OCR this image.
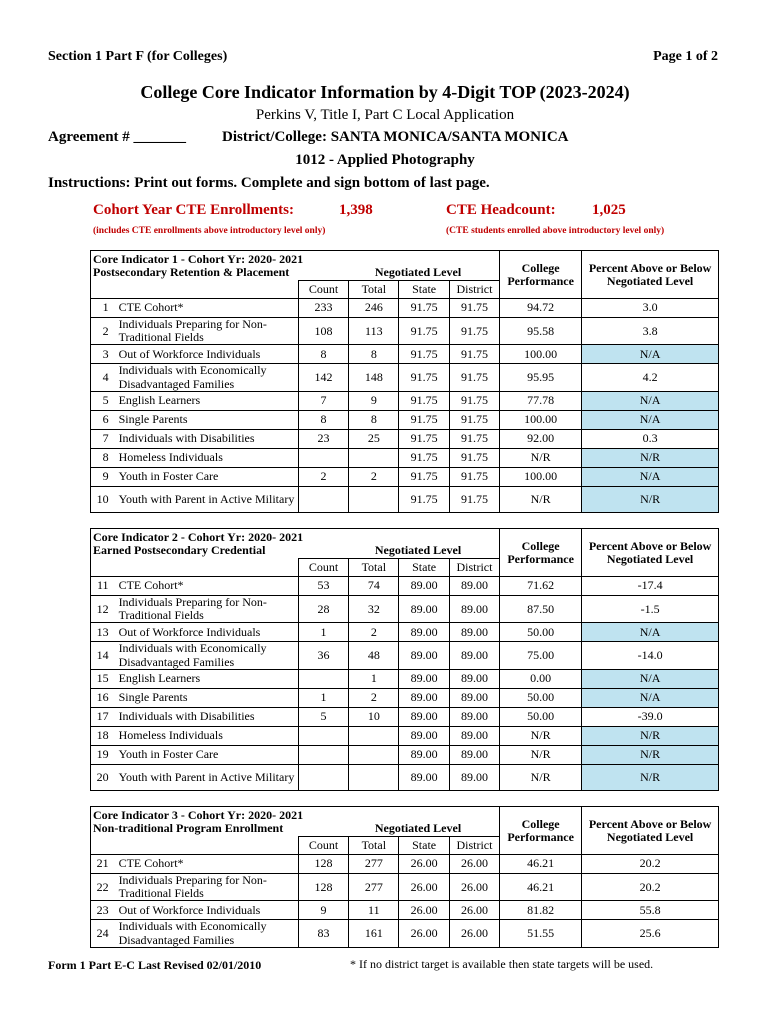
Section 1 Part F (for Colleges)	Page 1 of 2
College Core Indicator Information by 4-Digit TOP (2023-2024)
Perkins V, Title I, Part C Local Application
Agreement # _______ District/College: SANTA MONICA/SANTA MONICA
1012 - Applied Photography
Instructions: Print out forms. Complete and sign bottom of last page.
Cohort Year CTE Enrollments:	1,398	CTE Headcount: 1,025
(includes CTE enrollments above introductory level only)	(CTE students enrolled above introductory level only)
Core Indicator 1 - Cohort Yr: 2020- 2021
Postsecondary Retention & Placement						College Performance	Percent Above or Below Negotiated Level
		Count	Total	State	District		
1	CTE Cohort*	233	246	91.75	91.75	94.72	3.0
2	Individuals Preparing for Non-Traditional Fields	108	113	91.75	91.75	95.58	3.8
3	Out of Workforce Individuals	8	8	91.75	91.75	100.00	N/A
4	Individuals with Economically Disadvantaged Families	142	148	91.75	91.75	95.95	4.2
5	English Learners	7	9	91.75	91.75	77.78	N/A
6	Single Parents	8	8	91.75	91.75	100.00	N/A
7	Individuals with Disabilities	23	25	91.75	91.75	92.00	0.3
8	Homeless Individuals			91.75	91.75	N/R	N/R
9	Youth in Foster Care	2	2	91.75	91.75	100.00	N/A
10	Youth with Parent in Active Military			91.75	91.75	N/R	N/R
Negotiated Level
Core Indicator 2 - Cohort Yr: 2020- 2021
Earned Postsecondary Credential						College Performance	Percent Above or Below Negotiated Level
		Count	Total	State	District		
11	CTE Cohort*	53	74	89.00	89.00	71.62	-17.4
12	Individuals Preparing for Non-Traditional Fields	28	32	89.00	89.00	87.50	-1.5
13	Out of Workforce Individuals	1	2	89.00	89.00	50.00	N/A
14	Individuals with Economically Disadvantaged Families	36	48	89.00	89.00	75.00	-14.0
15	English Learners		1	89.00	89.00	0.00	N/A
16	Single Parents	1	2	89.00	89.00	50.00	N/A
17	Individuals with Disabilities	5	10	89.00	89.00	50.00	-39.0
18	Homeless Individuals			89.00	89.00	N/R	N/R
19	Youth in Foster Care			89.00	89.00	N/R	N/R
20	Youth with Parent in Active Military			89.00	89.00	N/R	N/R
Negotiated Level
Core Indicator 3 - Cohort Yr: 2020- 2021
Non-traditional Program Enrollment						College Performance	Percent Above or Below Negotiated Level
		Count	Total	State	District		
21	CTE Cohort*	128	277	26.00	26.00	46.21	20.2
22	Individuals Preparing for Non-Traditional Fields	128	277	26.00	26.00	46.21	20.2
23	Out of Workforce Individuals	9	11	26.00	26.00	81.82	55.8
24	Individuals with Economically Disadvantaged Families	83	161	26.00	26.00	51.55	25.6
Negotiated Level
Form 1 Part E-C Last Revised 02/01/2010	* If no district target is available then state targets will be used.
